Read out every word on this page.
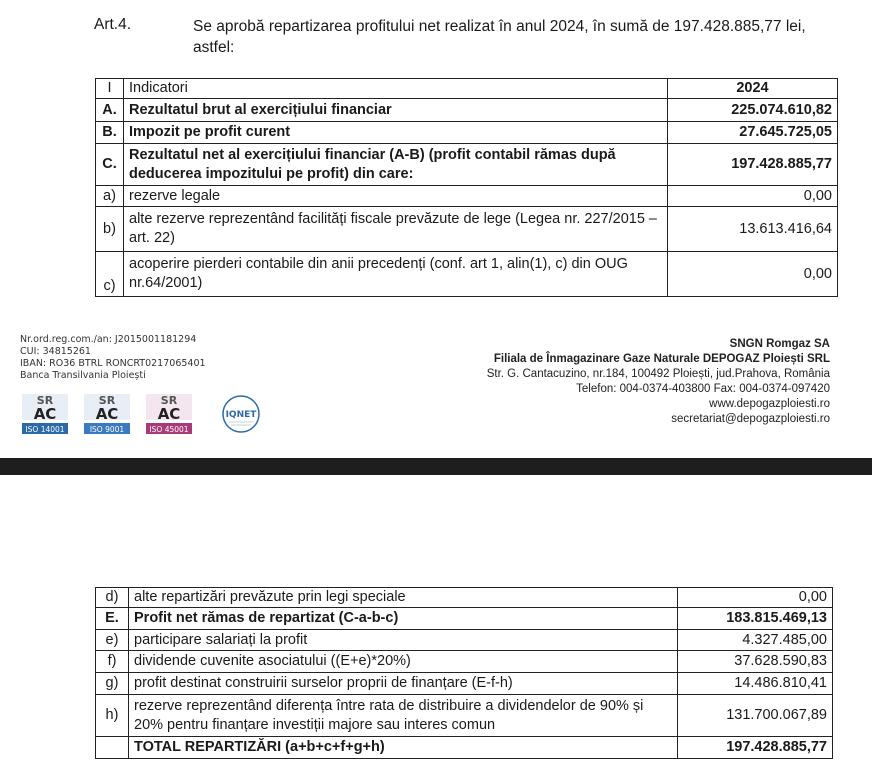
Art.4.	Se aprobă repartizarea profitului net realizat în anul 2024, în sumă de 197.428.885,77 lei, astfel:
I	Indicatori	2024
A.	Rezultatul brut al exercițiului financiar	225.074.610,82
B.	Impozit pe profit curent	27.645.725,05
C.	Rezultatul net al exercițiului financiar (A-B) (profit contabil rămas după deducerea impozitului pe profit) din care:	197.428.885,77
a)	rezerve legale	0,00
b)	alte rezerve reprezentând facilități fiscale prevăzute de lege (Legea nr. 227/2015 – art. 22)	13.613.416,64
c)	acoperire pierderi contabile din anii precedenți (conf. art 1, alin(1), c) din OUG nr.64/2001)	0,00
Nr.ord.reg.com./an: J2015001181294
CUI: 34815261
IBAN: RO36 BTRL RONCRT0217065401
Banca Transilvania Ploiești
SR
AC
ISO 14001
SR
AC
ISO 9001
SR
AC
ISO 45001
IQNET
SNGN Romgaz SA
Filiala de Înmagazinare Gaze Naturale DEPOGAZ Ploiești SRL
Str. G. Cantacuzino, nr.184, 100492 Ploiești, jud.Prahova, România
Telefon: 004-0374-403800 Fax: 004-0374-097420
www.depogazploiesti.ro
secretariat@depogazploiesti.ro
d)	alte repartizări prevăzute prin legi speciale	0,00
E.	Profit net rămas de repartizat (C-a-b-c)	183.815.469,13
e)	participare salariați la profit	4.327.485,00
f)	dividende cuvenite asociatului ((E+e)*20%)	37.628.590,83
g)	profit destinat construirii surselor proprii de finanțare (E-f-h)	14.486.810,41
h)	rezerve reprezentând diferența între rata de distribuire a dividendelor de 90% și 20% pentru finanțare investiții majore sau interes comun	131.700.067,89
	TOTAL REPARTIZĂRI (a+b+c+f+g+h)	197.428.885,77
